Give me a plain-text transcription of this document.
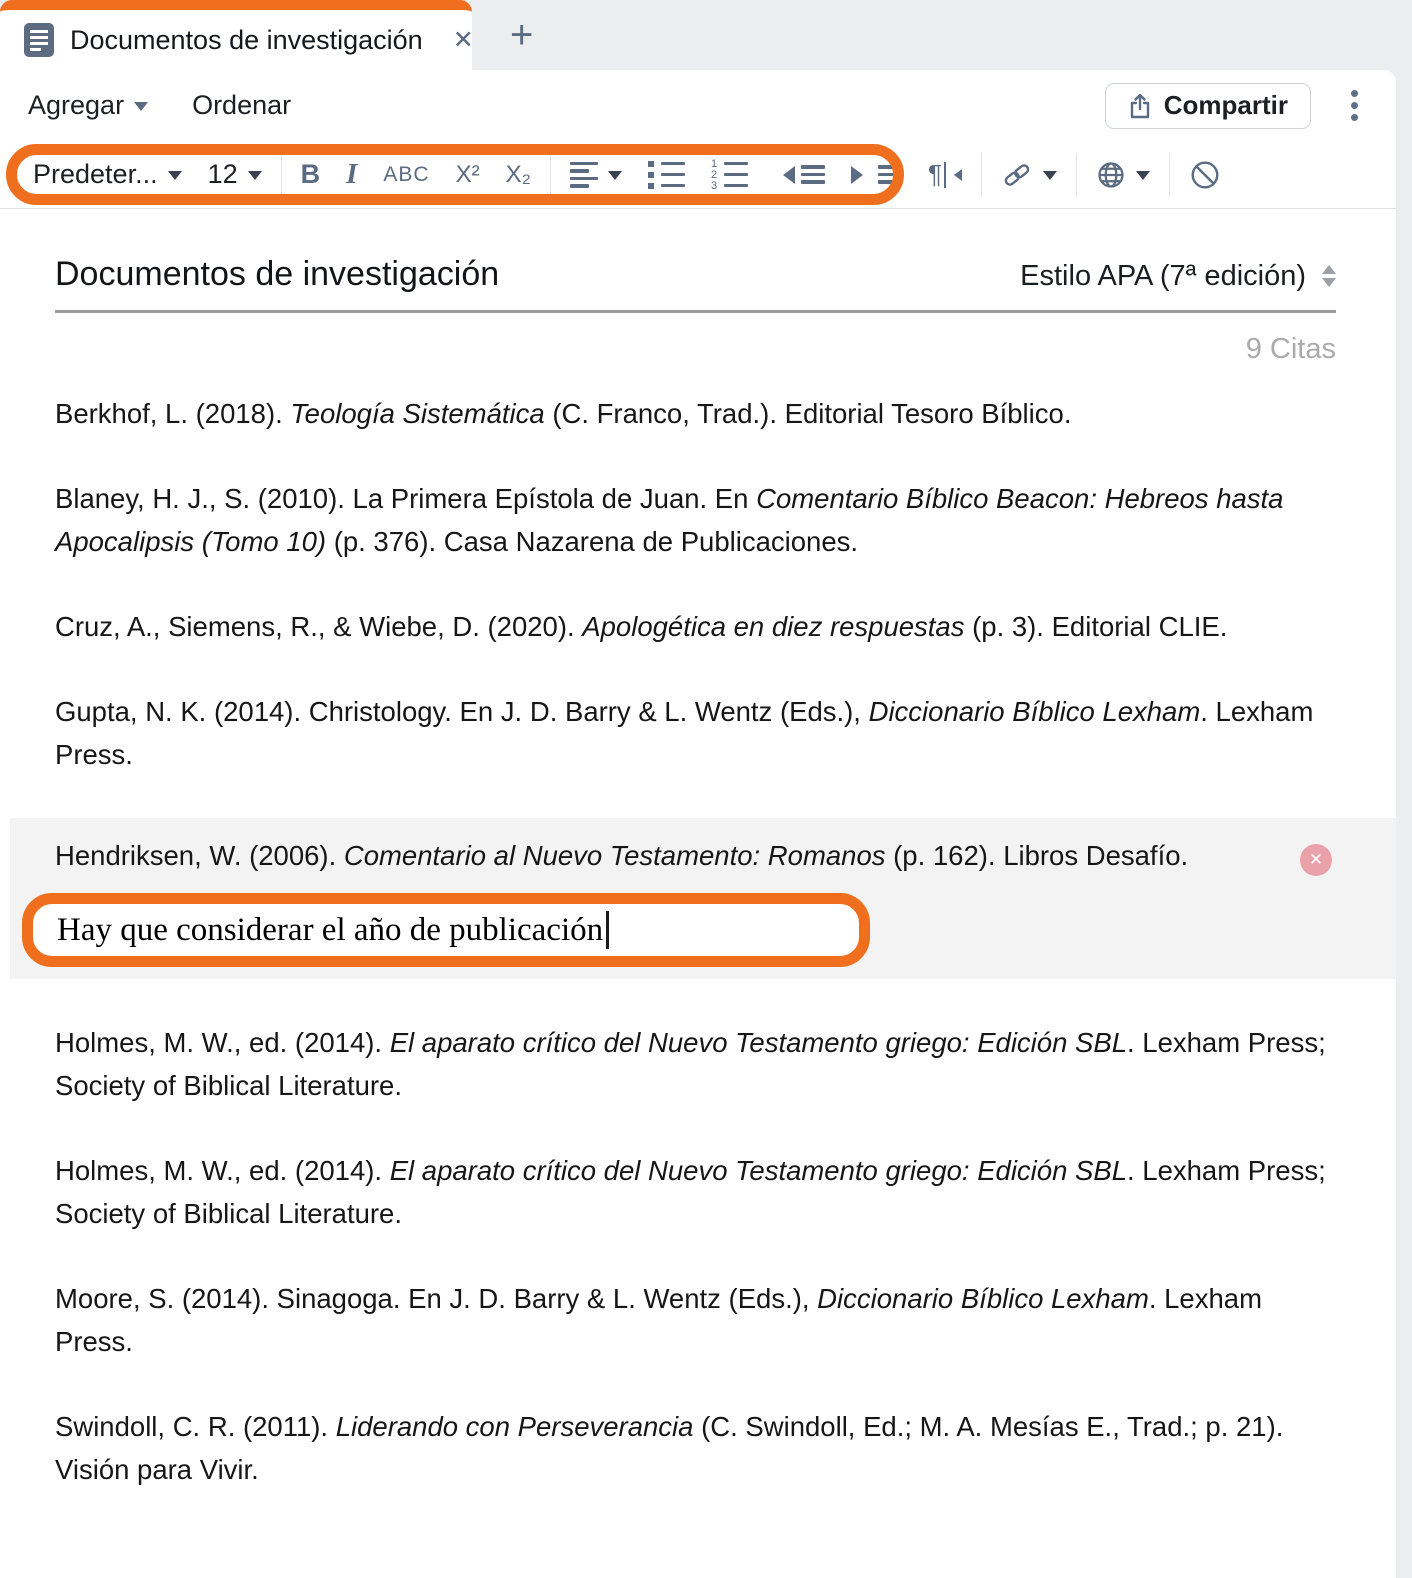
Documentos de investigación ✕ +
Agregar	Ordenar	Compartir
Predeter... 12	B I	ABC	X²	X₂	1
2
3	¶
Documentos de investigación	Estilo APA (7ª edición)
9 Citas

Berkhof, L. (2018). Teología Sistemática (C. Franco, Trad.). Editorial Tesoro Bíblico.

Blaney, H. J., S. (2010). La Primera Epístola de Juan. En Comentario Bíblico Beacon: Hebreos hasta Apocalipsis (Tomo 10) (p. 376). Casa Nazarena de Publicaciones.

Cruz, A., Siemens, R., & Wiebe, D. (2020). Apologética en diez respuestas (p. 3). Editorial CLIE.

Gupta, N. K. (2014). Christology. En J. D. Barry & L. Wentz (Eds.), Diccionario Bíblico Lexham. Lexham Press.

Hendriksen, W. (2006). Comentario al Nuevo Testamento: Romanos (p. 162). Libros Desafío.	✕
Hay que considerar el año de publicación

Holmes, M. W., ed. (2014). El aparato crítico del Nuevo Testamento griego: Edición SBL. Lexham Press; Society of Biblical Literature.

Holmes, M. W., ed. (2014). El aparato crítico del Nuevo Testamento griego: Edición SBL. Lexham Press; Society of Biblical Literature.

Moore, S. (2014). Sinagoga. En J. D. Barry & L. Wentz (Eds.), Diccionario Bíblico Lexham. Lexham Press.

Swindoll, C. R. (2011). Liderando con Perseverancia (C. Swindoll, Ed.; M. A. Mesías E., Trad.; p. 21). Visión para Vivir.
